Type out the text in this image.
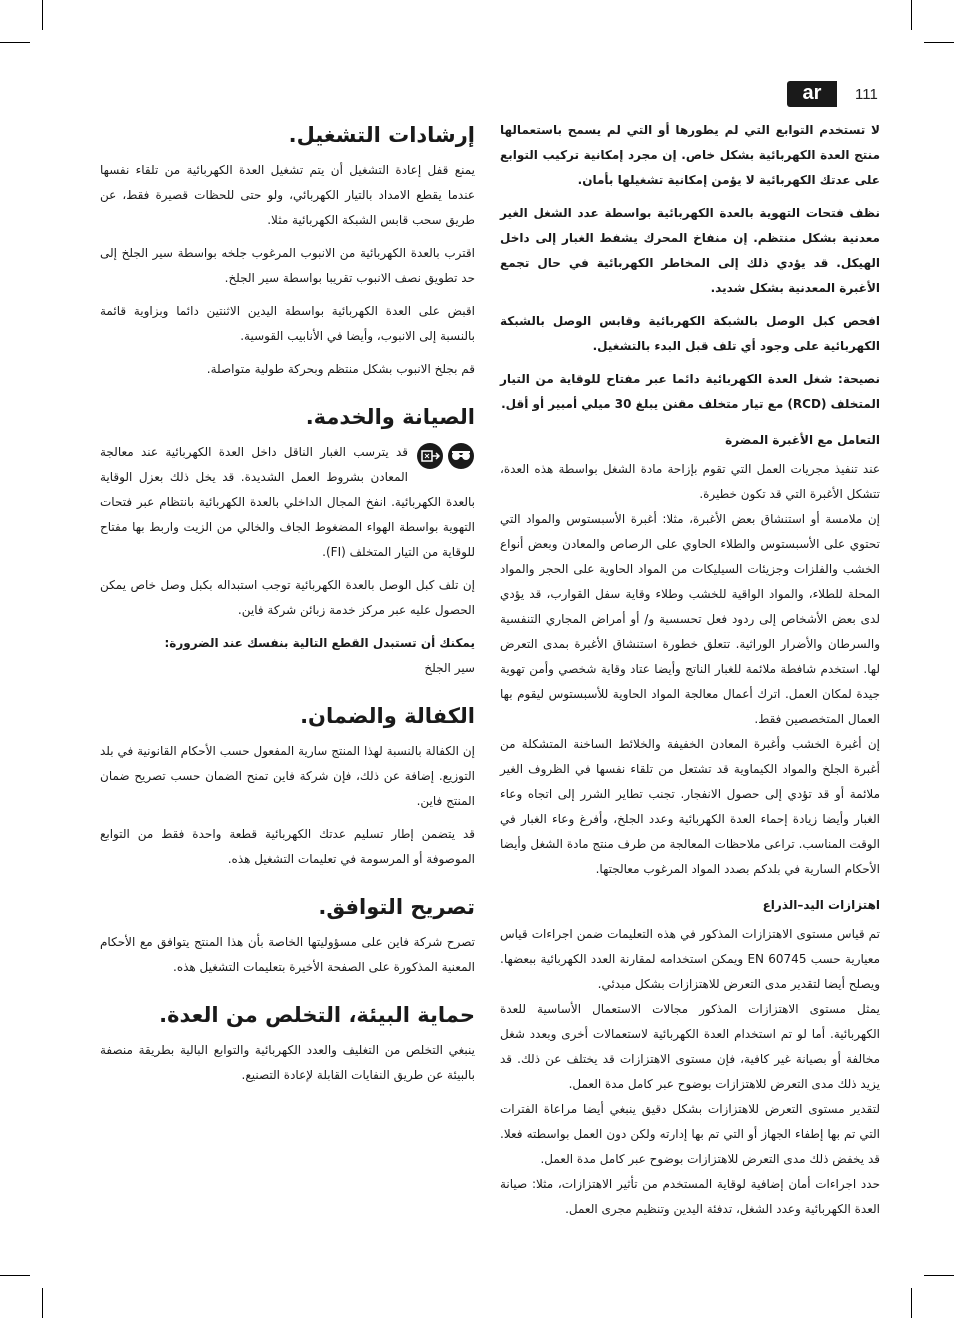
ar	111

لا تستخدم التوابع التي لم يطورها أو التي لم يسمح باستعمالها منتج العدة الكهربائية بشكل خاص. إن مجرد إمكانية تركيب التوابع على عدتك الكهربائية لا يؤمن إمكانية تشغيلها بأمان.

نظف فتحات التهوية بالعدة الكهربائية بواسطة عدد الشغل الغير معدنية بشكل منتظم. إن منفاخ المحرك يشفط الغبار إلى داخل الهيكل. قد يؤدي ذلك إلى المخاطر الكهربائية في حال تجمع الأغبرة المعدنية بشكل شديد.

افحص كبل الوصل بالشبكة الكهربائية وقابس الوصل بالشبكة الكهربائية على وجود أي تلف قبل البدء بالتشغيل.

نصيحة: شغل العدة الكهربائية دائما عبر مفتاح للوقاية من التيار المتخلف (RCD) مع تيار متخلف مقنن يبلغ 30 ميلي أمبير أو أقل.

التعامل مع الأغبرة المضرة

عند تنفيذ مجريات العمل التي تقوم بإزاحة مادة الشغل بواسطة هذه العدة، تتشكل الأغبرة التي قد تكون خطيرة.

إن ملامسة أو استنشاق بعض الأغبرة، مثلا: أغبرة الأسبستوس والمواد التي تحتوي على الأسبستوس والطلاء الحاوي على الرصاص والمعادن وبعض أنواع الخشب والفلزات وجزيئات السيليكات من المواد الحاوية على الحجر والمواد المحلة للطلاء، والمواد الواقية للخشب وطلاء وقاية سفل القوارب، قد يؤدي لدى بعض الأشخاص إلى ردود فعل تحسسية و/ أو أمراض المجاري التنفسية والسرطان والأضرار الوراثية. تتعلق خطورة استنشاق الأغبرة بمدى التعرض لها. استخدم شافطة ملائمة للغبار الناتج وأيضا عتاد وقاية شخصي وأمن تهوية جيدة لمكان العمل. اترك أعمال معالجة المواد الحاوية للأسبستوس ليقوم بها العمال المتخصصين فقط.

إن أغبرة الخشب وأغبرة المعادن الخفيفة والخلائط الساخنة المتشكلة من أغبرة الجلخ والمواد الكيماوية قد تشتعل من تلقاء نفسها في الظروف الغير ملائمة أو قد تؤدي إلى حصول الانفجار. تجنب تطاير الشرر إلى اتجاه وعاء الغبار وأيضا زيادة إحماء العدة الكهربائية وعدد الجلخ، وأفرغ وعاء الغبار في الوقت المناسب. تراعى ملاحظات المعالجة من طرف منتج مادة الشغل وأيضا الأحكام السارية في بلدكم بصدد المواد المرغوب معالجتها.

اهتزازات اليد–الذراع

تم قياس مستوى الاهتزازات المذكور في هذه التعليمات ضمن اجراءات قياس معيارية حسب EN 60745 ويمكن استخدامه لمقارنة العدد الكهربائية ببعضها. ويصلح أيضا لتقدير مدى التعرض للاهتزازات بشكل مبدئي.

يمثل مستوى الاهتزازات المذكور مجالات الاستعمال الأساسية للعدة الكهربائية. أما لو تم استخدام العدة الكهربائية لاستعمالات أخرى وبعدد شغل مخالفة أو بصيانة غير كافية، فإن مستوى الاهتزازات قد يختلف عن ذلك. قد يزيد ذلك مدى التعرض للاهتزازات بوضوح عبر كامل مدة العمل.

لتقدير مستوى التعرض للاهتزازات بشكل دقيق ينبغي أيضا مراعاة الفترات التي تم بها إطفاء الجهاز أو التي تم بها إدارته ولكن دون العمل بواسطته فعلا. قد يخفض ذلك مدى التعرض للاهتزازات بوضوح عبر كامل مدة العمل.

حدد اجراءات أمان إضافية لوقاية المستخدم من تأثير الاهتزازات، مثلا: صيانة العدة الكهربائية وعدد الشغل، تدفئة اليدين وتنظيم مجرى العمل.

إرشادات التشغيل.

يمنع قفل إعادة التشغيل أن يتم تشغيل العدة الكهربائية من تلقاء نفسها عندما يقطع الامداد بالتيار الكهربائي، ولو حتى للحظات قصيرة فقط، عن طريق سحب قابس الشبكة الكهربائية مثلا.

اقترب بالعدة الكهربائية من الانبوب المرغوب جلخه بواسطة سير الجلخ إلى حد تطويق نصف الانبوب تقريبا بواسطة سير الجلخ.

اقبض على العدة الكهربائية بواسطة اليدين الاثنتين دائما وبزاوية قائمة بالنسبة إلى الانبوب، وأيضا في الأنابيب القوسية.

قم بجلخ الانبوب بشكل منتظم وبحركة طولية متواصلة.

الصيانة والخدمة.

قد يترسب الغبار الناقل داخل العدة الكهربائية عند معالجة المعادن بشروط العمل الشديدة. قد يخل ذلك بعزل الوقاية بالعدة الكهربائية. انفخ المجال الداخلي بالعدة الكهربائية بانتظام عبر فتحات التهوية بواسطة الهواء المضغوط الجاف والخالي من الزيت واربط بها مفتاح للوقاية من التيار المتخلف (FI).

إن تلف كبل الوصل بالعدة الكهربائية توجب استبداله بكبل وصل خاص يمكن الحصول عليه عبر مركز خدمة زبائن شركة فاين.

يمكنك أن تستبدل القطع التالية بنفسك عند الضرورة:

سير الجلخ

الكفالة والضمان.

إن الكفالة بالنسبة لهذا المنتج سارية المفعول حسب الأحكام القانونية في بلد التوزيع. إضافة عن ذلك، فإن شركة فاين تمنح الضمان حسب تصريح ضمان المنتج فاين.

قد يتضمن إطار تسليم عدتك الكهربائية قطعة واحدة فقط من التوابع الموصوفة أو المرسومة في تعليمات التشغيل هذه.

تصريح التوافق.

تصرح شركة فاين على مسؤوليتها الخاصة بأن هذا المنتج يتوافق مع الأحكام المعنية المذكورة على الصفحة الأخيرة بتعليمات التشغيل هذه.

حماية البيئة، التخلص من العدة.

ينبغي التخلص من التغليف والعدد الكهربائية والتوابع البالية بطريقة منصفة بالبيئة عن طريق النفايات القابلة لإعادة التصنيع.
